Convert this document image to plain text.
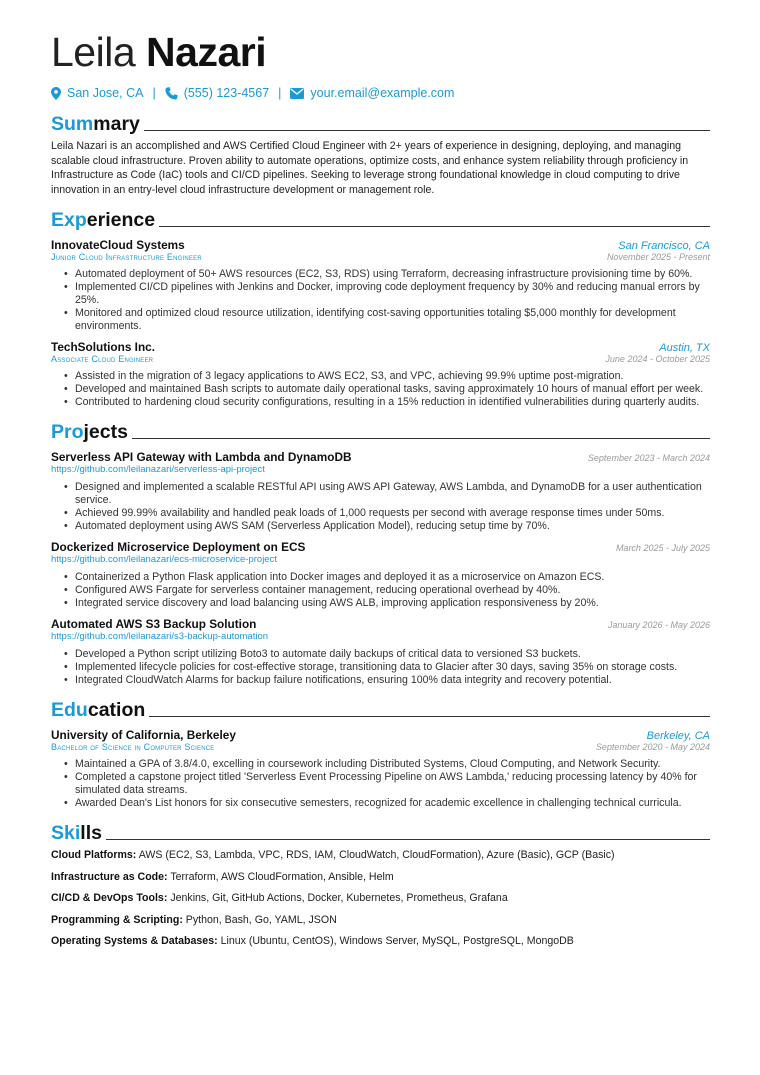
Leila Nazari
San Jose, CA | (555) 123-4567 | your.email@example.com
Summary
Leila Nazari is an accomplished and AWS Certified Cloud Engineer with 2+ years of experience in designing, deploying, and managing scalable cloud infrastructure. Proven ability to automate operations, optimize costs, and enhance system reliability through proficiency in Infrastructure as Code (IaC) tools and CI/CD pipelines. Seeking to leverage strong foundational knowledge in cloud computing to drive innovation in an entry-level cloud infrastructure development or management role.
Experience
InnovateCloud Systems	San Francisco, CA
Junior Cloud Infrastructure Engineer	November 2025 - Present
• Automated deployment of 50+ AWS resources (EC2, S3, RDS) using Terraform, decreasing infrastructure provisioning time by 60%.
• Implemented CI/CD pipelines with Jenkins and Docker, improving code deployment frequency by 30% and reducing manual errors by 25%.
• Monitored and optimized cloud resource utilization, identifying cost-saving opportunities totaling $5,000 monthly for development environments.
TechSolutions Inc.	Austin, TX
Associate Cloud Engineer	June 2024 - October 2025
• Assisted in the migration of 3 legacy applications to AWS EC2, S3, and VPC, achieving 99.9% uptime post-migration.
• Developed and maintained Bash scripts to automate daily operational tasks, saving approximately 10 hours of manual effort per week.
• Contributed to hardening cloud security configurations, resulting in a 15% reduction in identified vulnerabilities during quarterly audits.
Projects
Serverless API Gateway with Lambda and DynamoDB	September 2023 - March 2024
https://github.com/leilanazari/serverless-api-project
• Designed and implemented a scalable RESTful API using AWS API Gateway, AWS Lambda, and DynamoDB for a user authentication service.
• Achieved 99.99% availability and handled peak loads of 1,000 requests per second with average response times under 50ms.
• Automated deployment using AWS SAM (Serverless Application Model), reducing setup time by 70%.
Dockerized Microservice Deployment on ECS	March 2025 - July 2025
https://github.com/leilanazari/ecs-microservice-project
• Containerized a Python Flask application into Docker images and deployed it as a microservice on Amazon ECS.
• Configured AWS Fargate for serverless container management, reducing operational overhead by 40%.
• Integrated service discovery and load balancing using AWS ALB, improving application responsiveness by 20%.
Automated AWS S3 Backup Solution	January 2026 - May 2026
https://github.com/leilanazari/s3-backup-automation
• Developed a Python script utilizing Boto3 to automate daily backups of critical data to versioned S3 buckets.
• Implemented lifecycle policies for cost-effective storage, transitioning data to Glacier after 30 days, saving 35% on storage costs.
• Integrated CloudWatch Alarms for backup failure notifications, ensuring 100% data integrity and recovery potential.
Education
University of California, Berkeley	Berkeley, CA
Bachelor of Science in Computer Science	September 2020 - May 2024
• Maintained a GPA of 3.8/4.0, excelling in coursework including Distributed Systems, Cloud Computing, and Network Security.
• Completed a capstone project titled 'Serverless Event Processing Pipeline on AWS Lambda,' reducing processing latency by 40% for simulated data streams.
• Awarded Dean's List honors for six consecutive semesters, recognized for academic excellence in challenging technical curricula.
Skills
Cloud Platforms: AWS (EC2, S3, Lambda, VPC, RDS, IAM, CloudWatch, CloudFormation), Azure (Basic), GCP (Basic)
Infrastructure as Code: Terraform, AWS CloudFormation, Ansible, Helm
CI/CD & DevOps Tools: Jenkins, Git, GitHub Actions, Docker, Kubernetes, Prometheus, Grafana
Programming & Scripting: Python, Bash, Go, YAML, JSON
Operating Systems & Databases: Linux (Ubuntu, CentOS), Windows Server, MySQL, PostgreSQL, MongoDB
